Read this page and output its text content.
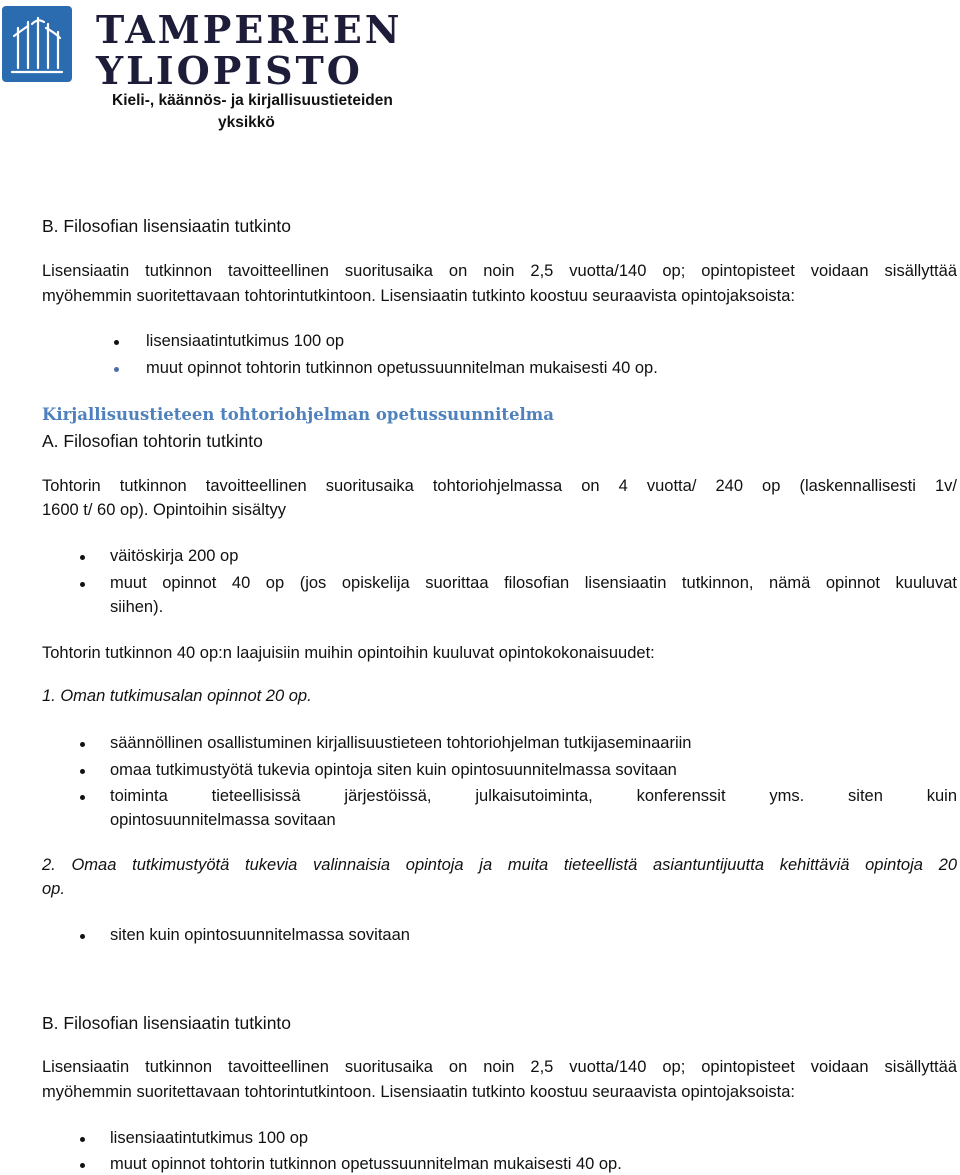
TAMPEREEN
YLIOPISTO
Kieli-, käännös- ja kirjallisuustieteiden
yksikkö
B. Filosofian lisensiaatin tutkinto
Lisensiaatin tutkinnon tavoitteellinen suoritusaika on noin 2,5 vuotta/140 op; opintopisteet voidaan sisällyttää
myöhemmin suoritettavaan tohtorintutkintoon. Lisensiaatin tutkinto koostuu seuraavista opintojaksoista:
lisensiaatintutkimus 100 op
muut opinnot tohtorin tutkinnon opetussuunnitelman mukaisesti 40 op.
Kirjallisuustieteen tohtoriohjelman opetussuunnitelma
A. Filosofian tohtorin tutkinto
Tohtorin tutkinnon tavoitteellinen suoritusaika tohtoriohjelmassa on 4 vuotta/ 240 op (laskennallisesti 1v/
1600 t/ 60 op). Opintoihin sisältyy
väitöskirja 200 op
muut opinnot 40 op (jos opiskelija suorittaa filosofian lisensiaatin tutkinnon, nämä opinnot kuuluvat
siihen).
Tohtorin tutkinnon 40 op:n laajuisiin muihin opintoihin kuuluvat opintokokonaisuudet:
1. Oman tutkimusalan opinnot 20 op.
säännöllinen osallistuminen kirjallisuustieteen tohtoriohjelman tutkijaseminaariin
omaa tutkimustyötä tukevia opintoja siten kuin opintosuunnitelmassa sovitaan
toiminta tieteellisissä järjestöissä, julkaisutoiminta, konferenssit yms. siten kuin
opintosuunnitelmassa sovitaan
2. Omaa tutkimustyötä tukevia valinnaisia opintoja ja muita tieteellistä asiantuntijuutta kehittäviä opintoja 20
op.
siten kuin opintosuunnitelmassa sovitaan
B. Filosofian lisensiaatin tutkinto
Lisensiaatin tutkinnon tavoitteellinen suoritusaika on noin 2,5 vuotta/140 op; opintopisteet voidaan sisällyttää
myöhemmin suoritettavaan tohtorintutkintoon. Lisensiaatin tutkinto koostuu seuraavista opintojaksoista:
lisensiaatintutkimus 100 op
muut opinnot tohtorin tutkinnon opetussuunnitelman mukaisesti 40 op.
